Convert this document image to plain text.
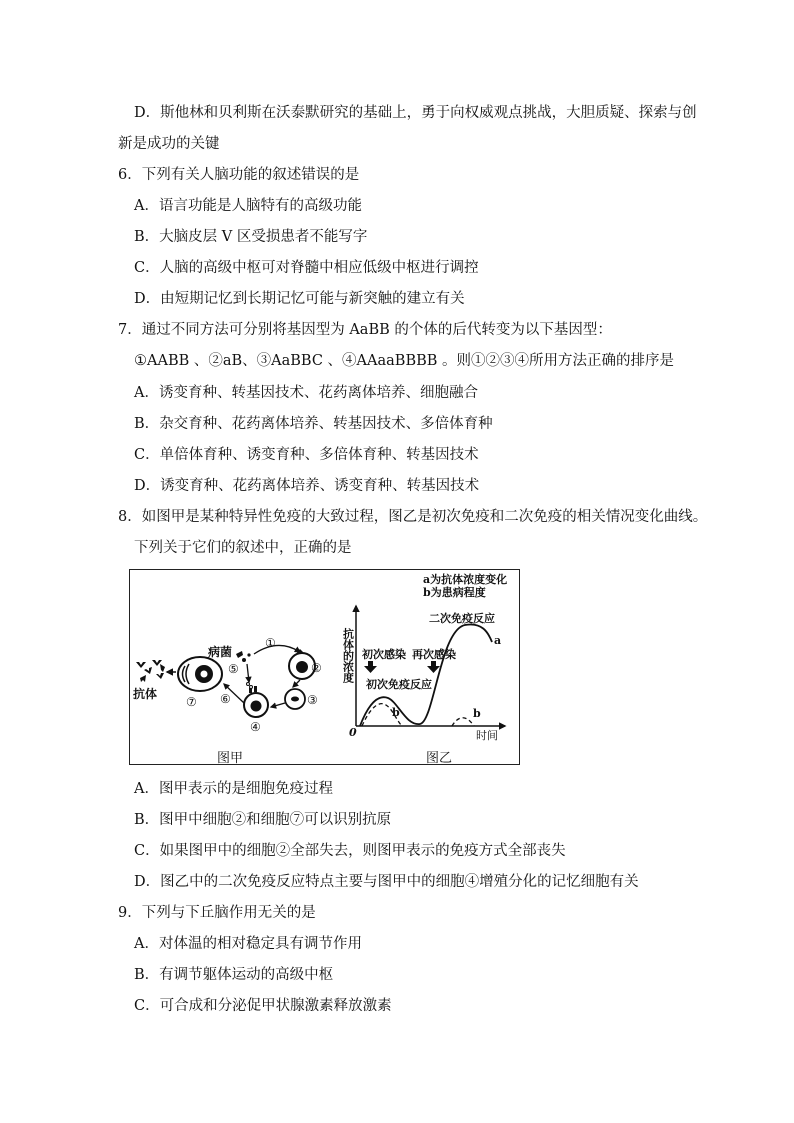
D．斯他林和贝利斯在沃泰默研究的基础上，勇于向权威观点挑战，大胆质疑、探索与创
新是成功的关键
6．下列有关人脑功能的叙述错误的是
A．语言功能是人脑特有的高级功能
B．大脑皮层 V 区受损患者不能写字
C．人脑的高级中枢可对脊髓中相应低级中枢进行调控
D．由短期记忆到长期记忆可能与新突触的建立有关
7．通过不同方法可分别将基因型为 AaBB 的个体的后代转变为以下基因型：
①AABB 、②aB、③AaBBC 、④AAaaBBBB 。则①②③④所用方法正确的排序是
A．诱变育种、转基因技术、花药离体培养、细胞融合
B．杂交育种、花药离体培养、转基因技术、多倍体育种
C．单倍体育种、诱变育种、多倍体育种、转基因技术
D．诱变育种、花药离体培养、诱变育种、转基因技术
8．如图甲是某种特异性免疫的大致过程，图乙是初次免疫和二次免疫的相关情况变化曲线。
下列关于它们的叙述中，正确的是
抗体
⑦
病菌
①
⑤	②
③
④
⑥
图甲
0	时间
抗体的浓度
a为抗体浓度变化
b为患病程度
二次免疫反应
初次感染 再次感染
初次免疫反应
a
b	b
图乙
A．图甲表示的是细胞免疫过程
B．图甲中细胞②和细胞⑦可以识别抗原
C．如果图甲中的细胞②全部失去，则图甲表示的免疫方式全部丧失
D．图乙中的二次免疫反应特点主要与图甲中的细胞④增殖分化的记忆细胞有关
9．下列与下丘脑作用无关的是
A．对体温的相对稳定具有调节作用
B．有调节躯体运动的高级中枢
C．可合成和分泌促甲状腺激素释放激素
